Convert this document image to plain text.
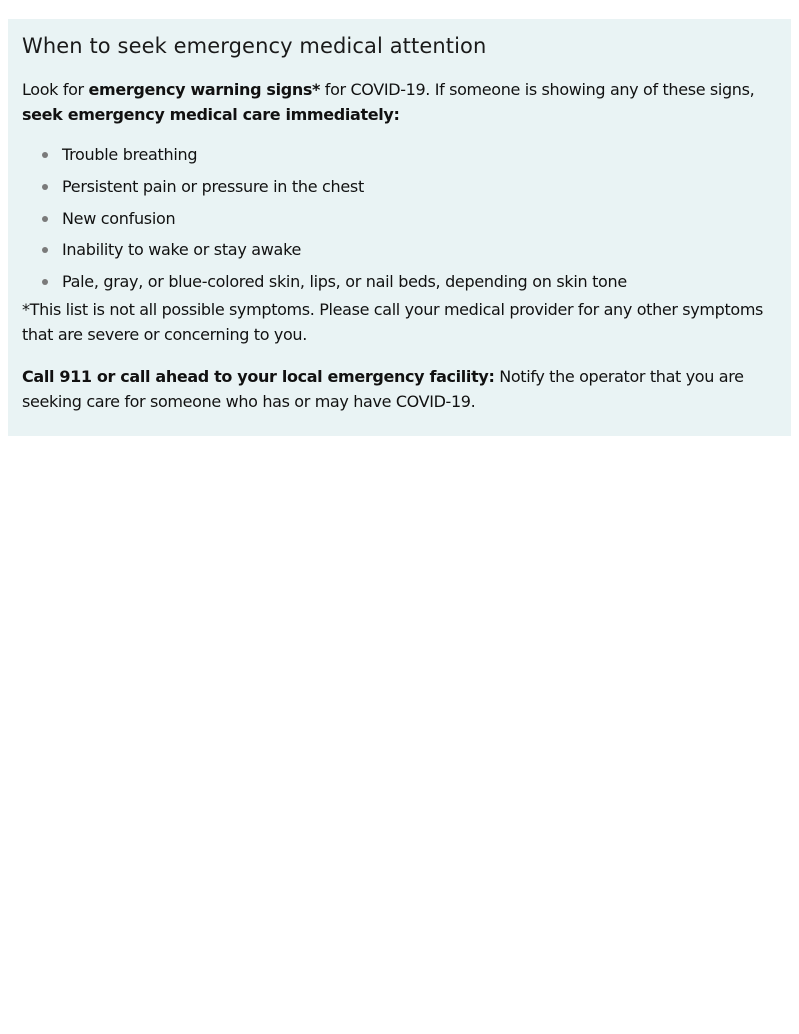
When to seek emergency medical attention

Look for emergency warning signs* for COVID-19. If someone is showing any of these signs, seek emergency medical care immediately:

Trouble breathing
Persistent pain or pressure in the chest
New confusion
Inability to wake or stay awake
Pale, gray, or blue-colored skin, lips, or nail beds, depending on skin tone

*This list is not all possible symptoms. Please call your medical provider for any other symptoms that are severe or concerning to you.

Call 911 or call ahead to your local emergency facility: Notify the operator that you are seeking care for someone who has or may have COVID-19.
